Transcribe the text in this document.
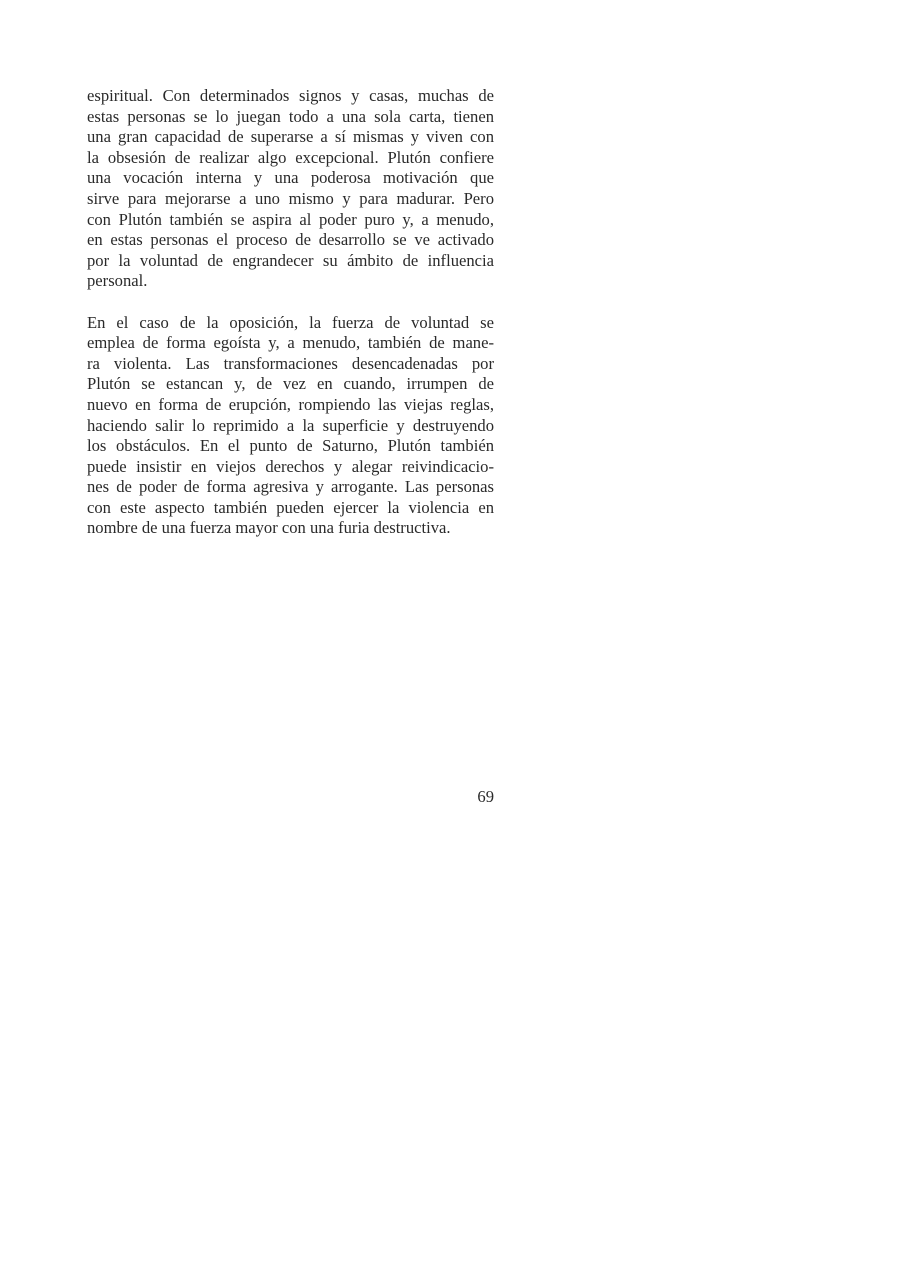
espiritual. Con determinados signos y casas, muchas de
estas personas se lo juegan todo a una sola carta, tienen
una gran capacidad de superarse a sí mismas y viven con
la obsesión de realizar algo excepcional. Plutón confiere
una vocación interna y una poderosa motivación que
sirve para mejorarse a uno mismo y para madurar. Pero
con Plutón también se aspira al poder puro y, a menudo,
en estas personas el proceso de desarrollo se ve activado
por la voluntad de engrandecer su ámbito de influencia
personal.
En el caso de la oposición, la fuerza de voluntad se
emplea de forma egoísta y, a menudo, también de mane-
ra violenta. Las transformaciones desencadenadas por
Plutón se estancan y, de vez en cuando, irrumpen de
nuevo en forma de erupción, rompiendo las viejas reglas,
haciendo salir lo reprimido a la superficie y destruyendo
los obstáculos. En el punto de Saturno, Plutón también
puede insistir en viejos derechos y alegar reivindicacio-
nes de poder de forma agresiva y arrogante. Las personas
con este aspecto también pueden ejercer la violencia en
nombre de una fuerza mayor con una furia destructiva.
69
